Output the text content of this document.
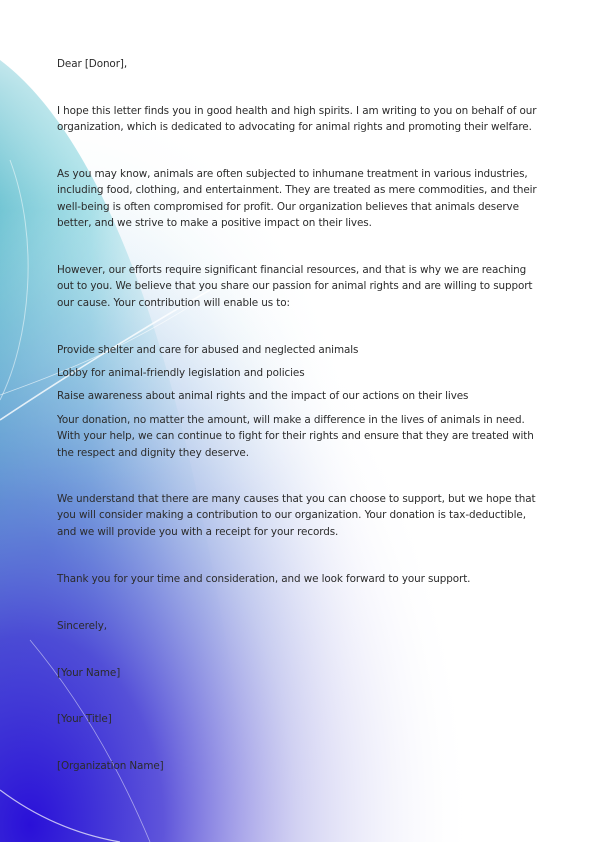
Dear [Donor],

I hope this letter finds you in good health and high spirits. I am writing to you on behalf of our organization, which is dedicated to advocating for animal rights and promoting their welfare.

As you may know, animals are often subjected to inhumane treatment in various industries, including food, clothing, and entertainment. They are treated as mere commodities, and their well-being is often compromised for profit. Our organization believes that animals deserve better, and we strive to make a positive impact on their lives.

However, our efforts require significant financial resources, and that is why we are reaching out to you. We believe that you share our passion for animal rights and are willing to support our cause. Your contribution will enable us to:

Provide shelter and care for abused and neglected animals

Lobby for animal-friendly legislation and policies

Raise awareness about animal rights and the impact of our actions on their lives

Your donation, no matter the amount, will make a difference in the lives of animals in need. With your help, we can continue to fight for their rights and ensure that they are treated with the respect and dignity they deserve.

We understand that there are many causes that you can choose to support, but we hope that you will consider making a contribution to our organization. Your donation is tax-deductible, and we will provide you with a receipt for your records.

Thank you for your time and consideration, and we look forward to your support.

Sincerely,

[Your Name]

[Your Title]

[Organization Name]
